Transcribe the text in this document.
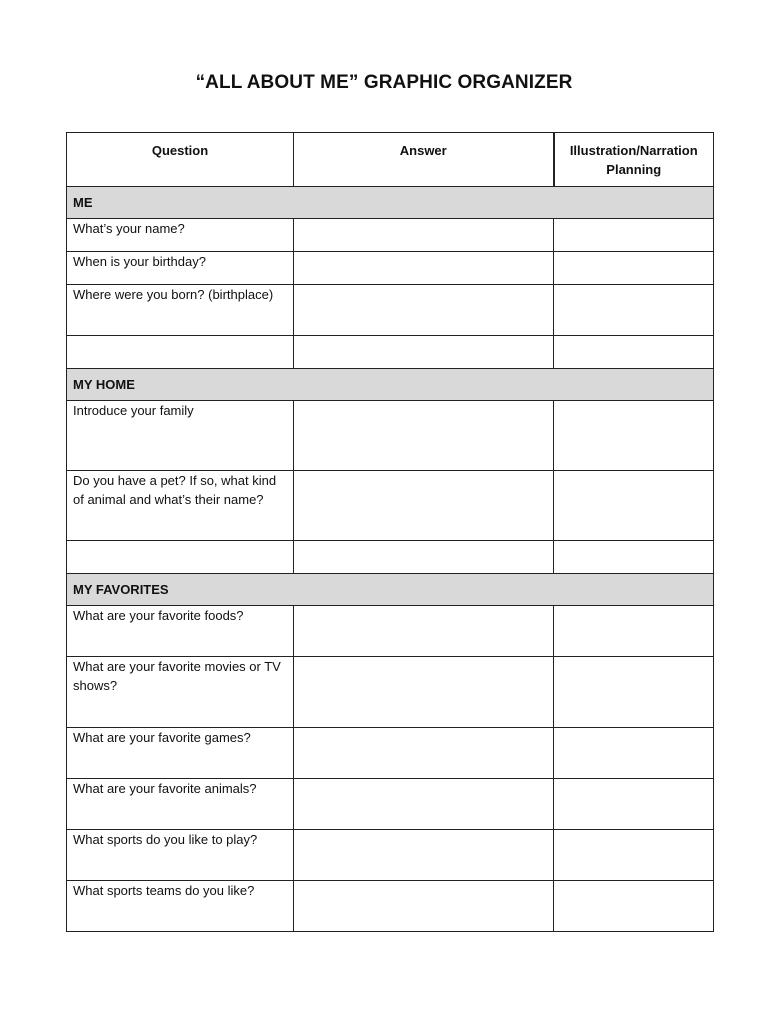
“ALL ABOUT ME” GRAPHIC ORGANIZER
Question	Answer	Illustration/Narration Planning
ME		
What’s your name?		
When is your birthday?		
Where were you born? (birthplace)		

MY HOME		
Introduce your family		
Do you have a pet? If so, what kind of animal and what’s their name?		

MY FAVORITES		
What are your favorite foods?		
What are your favorite movies or TV shows?		
What are your favorite games?		
What are your favorite animals?		
What sports do you like to play?		
What sports teams do you like?		
